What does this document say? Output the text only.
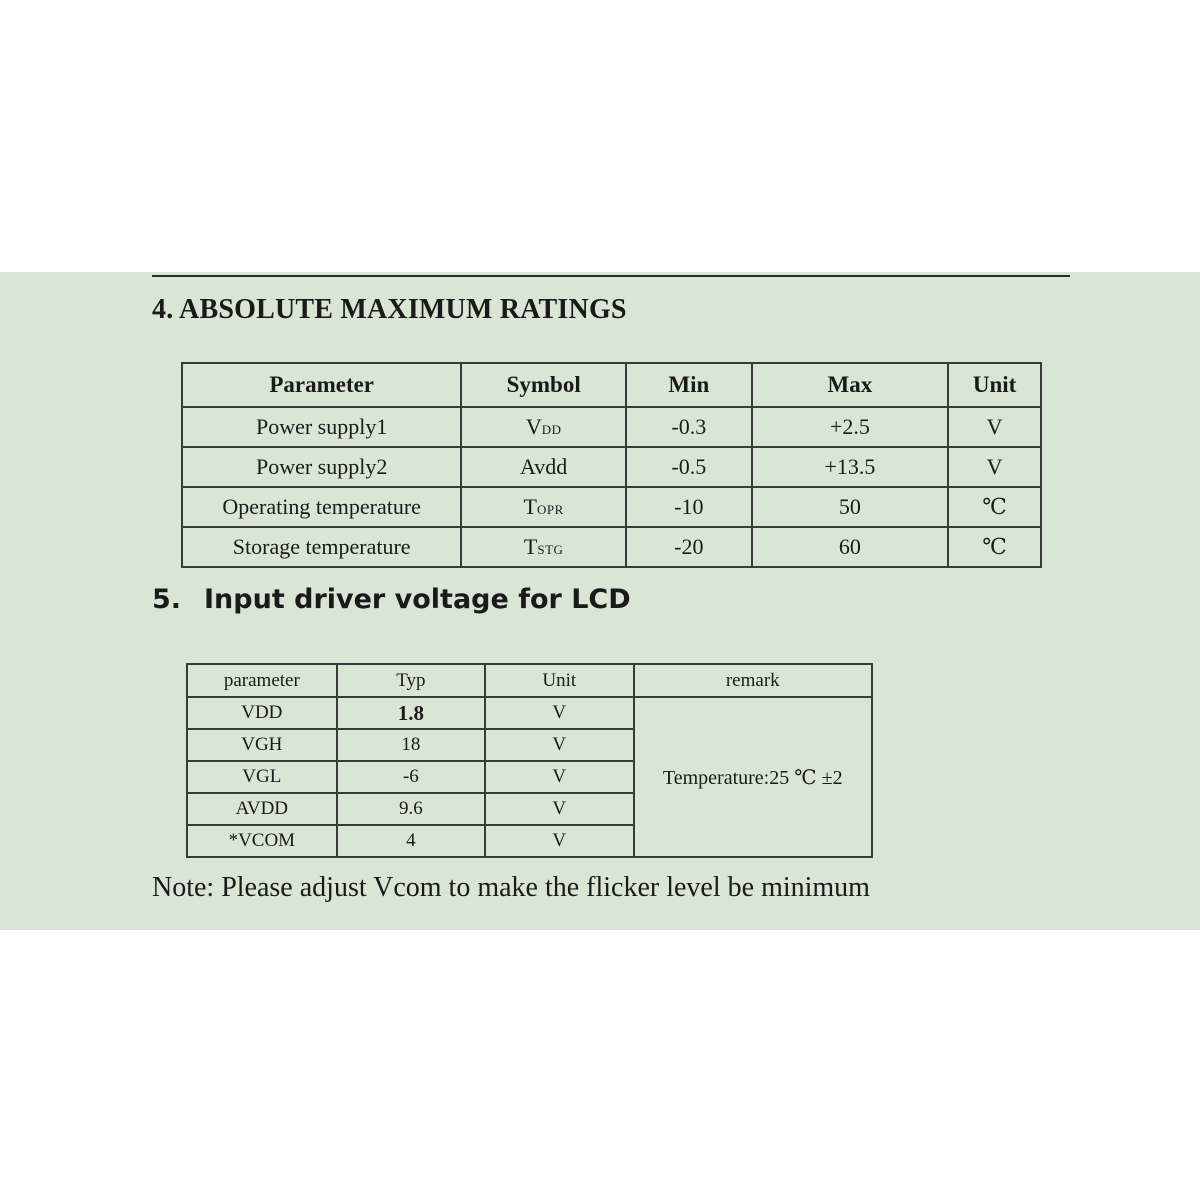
4. ABSOLUTE MAXIMUM RATINGS
Parameter	Symbol	Min	Max	Unit
Power supply1	VDD	-0.3	+2.5	V
Power supply2	Avdd	-0.5	+13.5	V
Operating temperature	TOPR	-10	50	℃
Storage temperature	TSTG	-20	60	℃
5. Input driver voltage for LCD
parameter	Typ	Unit	remark
VDD	1.8	V	Temperature:25 ℃ ±2
VGH	18	V	
VGL	-6	V	
AVDD	9.6	V	
*VCOM	4	V	

Note: Please adjust Vcom to make the flicker level be minimum
